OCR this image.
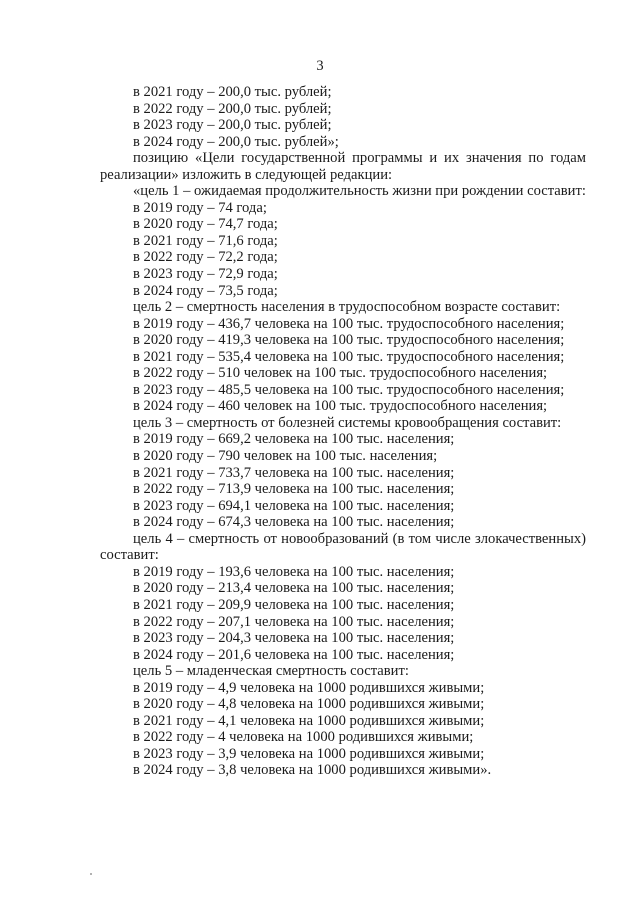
3
в 2021 году – 200,0 тыс. рублей;
в 2022 году – 200,0 тыс. рублей;
в 2023 году – 200,0 тыс. рублей;
в 2024 году – 200,0 тыс. рублей»;
позицию «Цели государственной программы и их значения по годам
реализации» изложить в следующей редакции:
«цель 1 – ожидаемая продолжительность жизни при рождении составит:
в 2019 году – 74 года;
в 2020 году – 74,7 года;
в 2021 году – 71,6 года;
в 2022 году – 72,2 года;
в 2023 году – 72,9 года;
в 2024 году – 73,5 года;
цель 2 – смертность населения в трудоспособном возрасте составит:
в 2019 году – 436,7 человека на 100 тыс. трудоспособного населения;
в 2020 году – 419,3 человека на 100 тыс. трудоспособного населения;
в 2021 году – 535,4 человека на 100 тыс. трудоспособного населения;
в 2022 году – 510 человек на 100 тыс. трудоспособного населения;
в 2023 году – 485,5 человека на 100 тыс. трудоспособного населения;
в 2024 году – 460 человек на 100 тыс. трудоспособного населения;
цель 3 – смертность от болезней системы кровообращения составит:
в 2019 году – 669,2 человека на 100 тыс. населения;
в 2020 году – 790 человек на 100 тыс. населения;
в 2021 году – 733,7 человека на 100 тыс. населения;
в 2022 году – 713,9 человека на 100 тыс. населения;
в 2023 году – 694,1 человека на 100 тыс. населения;
в 2024 году – 674,3 человека на 100 тыс. населения;
цель 4 – смертность от новообразований (в том числе злокачественных)
составит:
в 2019 году – 193,6 человека на 100 тыс. населения;
в 2020 году – 213,4 человека на 100 тыс. населения;
в 2021 году – 209,9 человека на 100 тыс. населения;
в 2022 году – 207,1 человека на 100 тыс. населения;
в 2023 году – 204,3 человека на 100 тыс. населения;
в 2024 году – 201,6 человека на 100 тыс. населения;
цель 5 – младенческая смертность составит:
в 2019 году – 4,9 человека на 1000 родившихся живыми;
в 2020 году – 4,8 человека на 1000 родившихся живыми;
в 2021 году – 4,1 человека на 1000 родившихся живыми;
в 2022 году – 4 человека на 1000 родившихся живыми;
в 2023 году – 3,9 человека на 1000 родившихся живыми;
в 2024 году – 3,8 человека на 1000 родившихся живыми».
